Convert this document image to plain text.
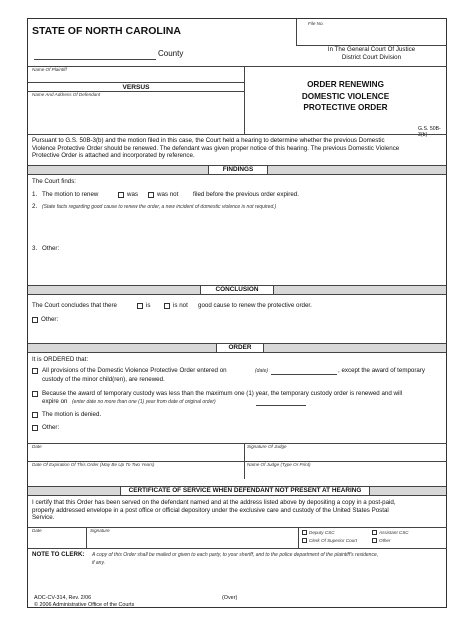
STATE OF NORTH CAROLINA
County
File No.
In The General Court Of Justice
District Court Division
Name Of Plaintiff
VERSUS
Name And Address Of Defendant
ORDER RENEWING
DOMESTIC VIOLENCE
PROTECTIVE ORDER
G.S. 50B-3(b)
Pursuant to G.S. 50B-3(b) and the motion filed in this case, the Court held a hearing to determine whether the previous Domestic
Violence Protective Order should be renewed. The defendant was given proper notice of this hearing. The previous Domestic Violence
Protective Order is attached and incorporated by reference.
FINDINGS
The Court finds:
1. The motion to renew	was	was not filed before the previous order expired.
2. (State facts regarding good cause to renew the order, a new incident of domestic violence is not required.)
3. Other:
CONCLUSION
The Court concludes that there	is	is not good cause to renew the protective order.
Other:
ORDER
It is ORDERED that:
All provisions of the Domestic Violence Protective Order entered on	(date)	, except the award of temporary
custody of the minor child(ren), are renewed.
Because the award of temporary custody was less than the maximum one (1) year, the temporary custody order is renewed and will
expire on (enter date no more than one (1) year from date of original order)
The motion is denied.
Other:
Date	Signature Of Judge
Date Of Expiration Of This Order (May Be Up To Two Years)	Name Of Judge (Type Or Print)
CERTIFICATE OF SERVICE WHEN DEFENDANT NOT PRESENT AT HEARING
I certify that this Order has been served on the defendant named and at the address listed above by depositing a copy in a post-paid,
properly addressed envelope in a post office or official depository under the exclusive care and custody of the United States Postal
Service.
Date	Signature	Deputy CSC	Assistant CSC
Clerk Of Superior Court	Other
NOTE TO CLERK: A copy of this Order shall be mailed or given to each party, to your sheriff, and to the police department of the plaintiff's residence,
if any.
AOC-CV-314, Rev. 2/06
© 2006 Administrative Office of the Courts
(Over)
